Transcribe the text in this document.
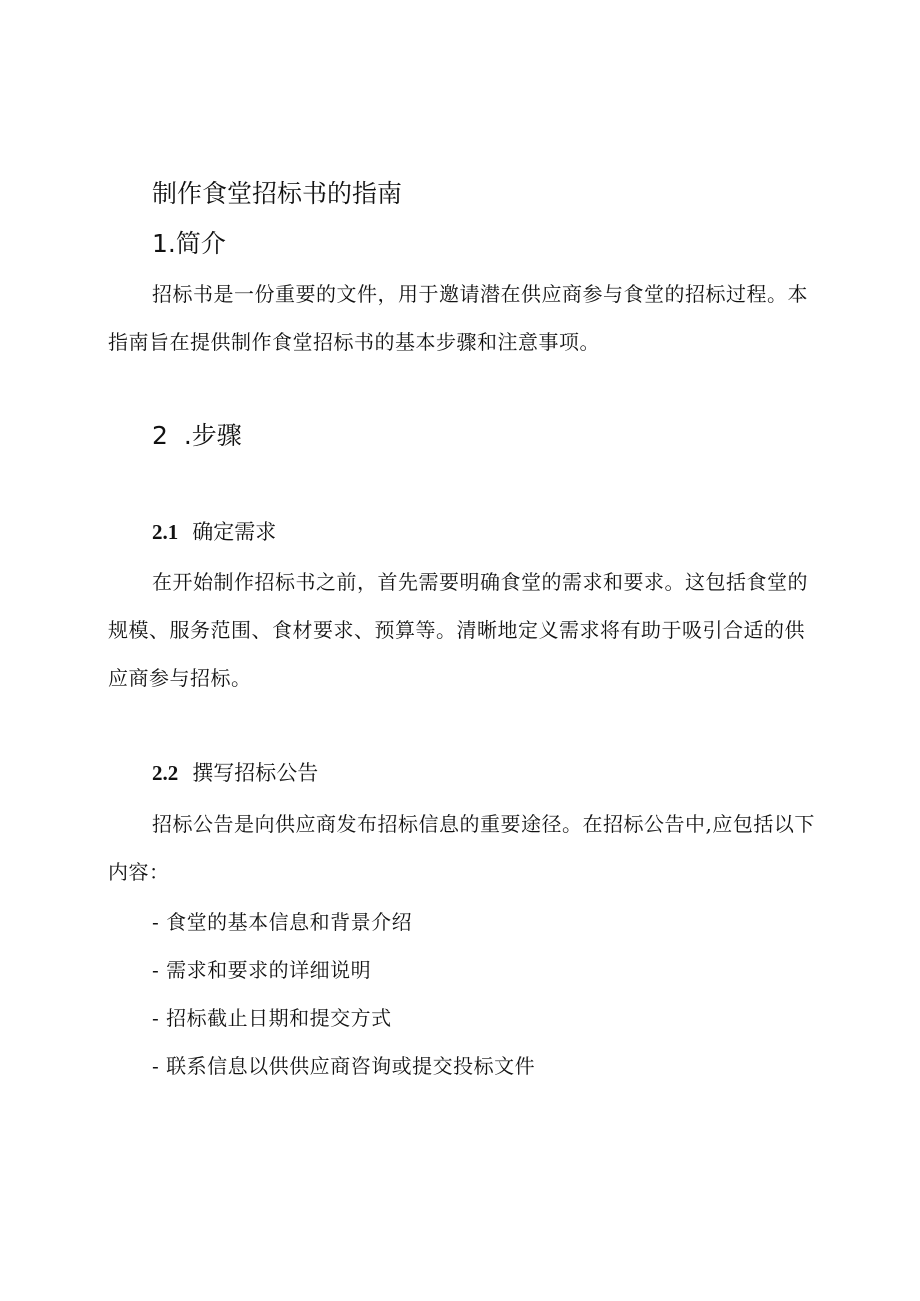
制作食堂招标书的指南
1.简介

招标书是一份重要的文件，用于邀请潜在供应商参与食堂的招标过程。本指南旨在提供制作食堂招标书的基本步骤和注意事项。

2 .步骤
2.1 确定需求

在开始制作招标书之前，首先需要明确食堂的需求和要求。这包括食堂的规模、服务范围、食材要求、预算等。清晰地定义需求将有助于吸引合适的供应商参与招标。

2.2 撰写招标公告

招标公告是向供应商发布招标信息的重要途径。在招标公告中,应包括以下内容：

- 食堂的基本信息和背景介绍
- 需求和要求的详细说明
- 招标截止日期和提交方式
- 联系信息以供供应商咨询或提交投标文件
